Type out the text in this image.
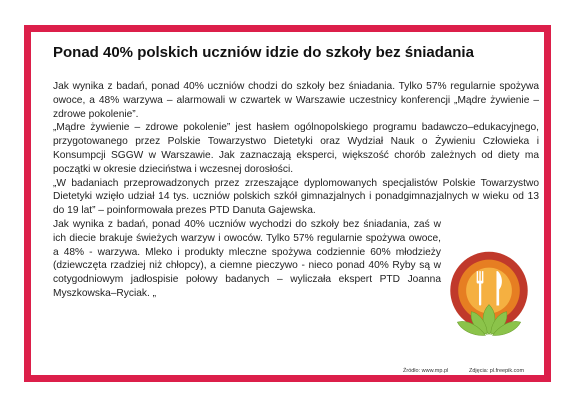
Ponad 40% polskich uczniów idzie do szkoły bez śniadania

Jak wynika z badań, ponad 40% uczniów chodzi do szkoły bez śniadania. Tylko 57% regularnie spożywa owoce, a 48% warzywa – alarmowali w czwartek w Warszawie uczestnicy konferencji „Mądre żywienie – zdrowe pokolenie”.

„Mądre żywienie – zdrowe pokolenie” jest hasłem ogólnopolskiego programu badawczo–edukacyjnego, przygotowanego przez Polskie Towarzystwo Dietetyki oraz Wydział Nauk o Żywieniu Człowieka i Konsumpcji SGGW w Warszawie. Jak zaznaczają eksperci, większość chorób zależnych od diety ma początki w okresie dzieciństwa i wczesnej dorosłości.

„W badaniach przeprowadzonych przez zrzeszające dyplomowanych specjalistów Polskie Towarzystwo Dietetyki wzięło udział 14 tys. uczniów polskich szkół gimnazjalnych i ponadgimnazjalnych w wieku od 13 do 19 lat” – poinformowała prezes PTD Danuta Gajewska.

Jak wynika z badań, ponad 40% uczniów wychodzi do szkoły bez śniadania, zaś w ich diecie brakuje świeżych warzyw i owoców. Tylko 57% regularnie spożywa owoce, a 48% - warzywa. Mleko i produkty mleczne spożywa codziennie 60% młodzieży (dziewczęta rzadziej niż chłopcy), a ciemne pieczywo - nieco ponad 40% Ryby są w cotygodniowym jadłospisie połowy badanych – wyliczała ekspert PTD Joanna Myszkowska–Ryciak. „

Źródło: www.mp.pl	Zdjęcia: pl.freepik.com
